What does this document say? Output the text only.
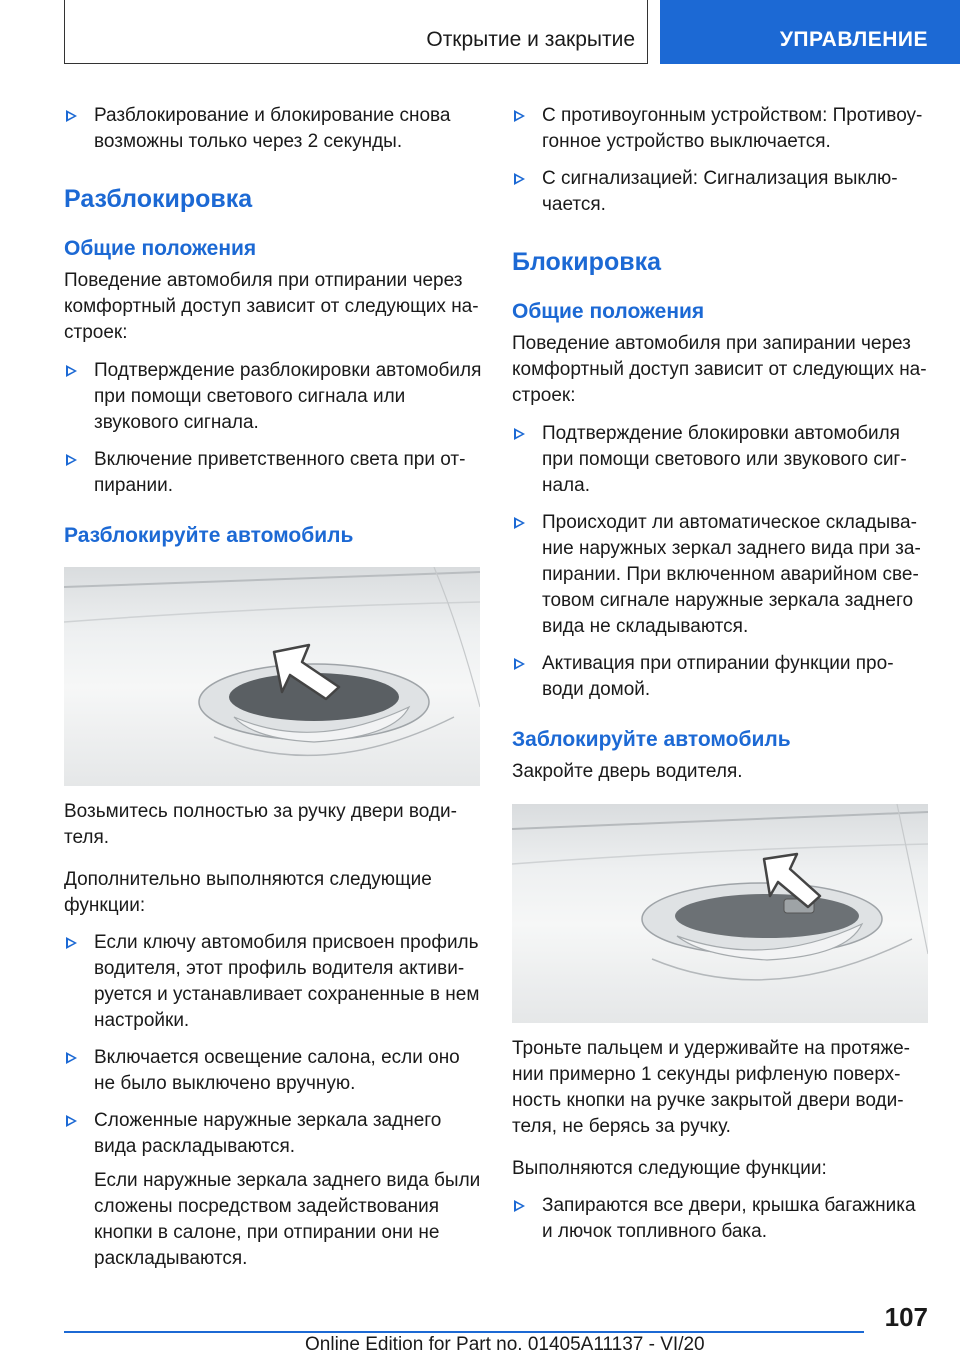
Открытие и закрытие	УПРАВЛЕНИЕ
Разблокирование и блокирование снова возможны только через 2 секунды.
Разблокировка
Общие положения

Поведение автомобиля при отпирании через комфортный доступ зависит от следующих на-строек:

Подтверждение разблокировки автомобиля при помощи светового сигнала или звукового сигнала.
Включение приветственного света при от-пирании.
Разблокируйте автомобиль

Возьмитесь полностью за ручку двери води-теля.

Дополнительно выполняются следующие функции:

Если ключу автомобиля присвоен профиль водителя, этот профиль водителя активи-руется и устанавливает сохраненные в нем настройки.
Включается освещение салона, если оно не было выключено вручную.
Сложенные наружные зеркала заднего вида раскладываются.

Если наружные зеркала заднего вида были сложены посредством задействования кнопки в салоне, при отпирании они не раскладываются.

С противоугонным устройством: Противоу-гонное устройство выключается.
С сигнализацией: Сигнализация выклю-чается.
Блокировка
Общие положения

Поведение автомобиля при запирании через комфортный доступ зависит от следующих на-строек:

Подтверждение блокировки автомобиля при помощи светового или звукового сиг-нала.
Происходит ли автоматическое складыва-ние наружных зеркал заднего вида при за-пирании. При включенном аварийном све-товом сигнале наружные зеркала заднего вида не складываются.
Активация при отпирании функции про-води домой.
Заблокируйте автомобиль

Закройте дверь водителя.

Троньте пальцем и удерживайте на протяже-нии примерно 1 секунды рифленую поверх-ность кнопки на ручке закрытой двери води-теля, не берясь за ручку.

Выполняются следующие функции:

Запираются все двери, крышка багажника и лючок топливного бака.
107
Online Edition for Part no. 01405A11137 - VI/20
